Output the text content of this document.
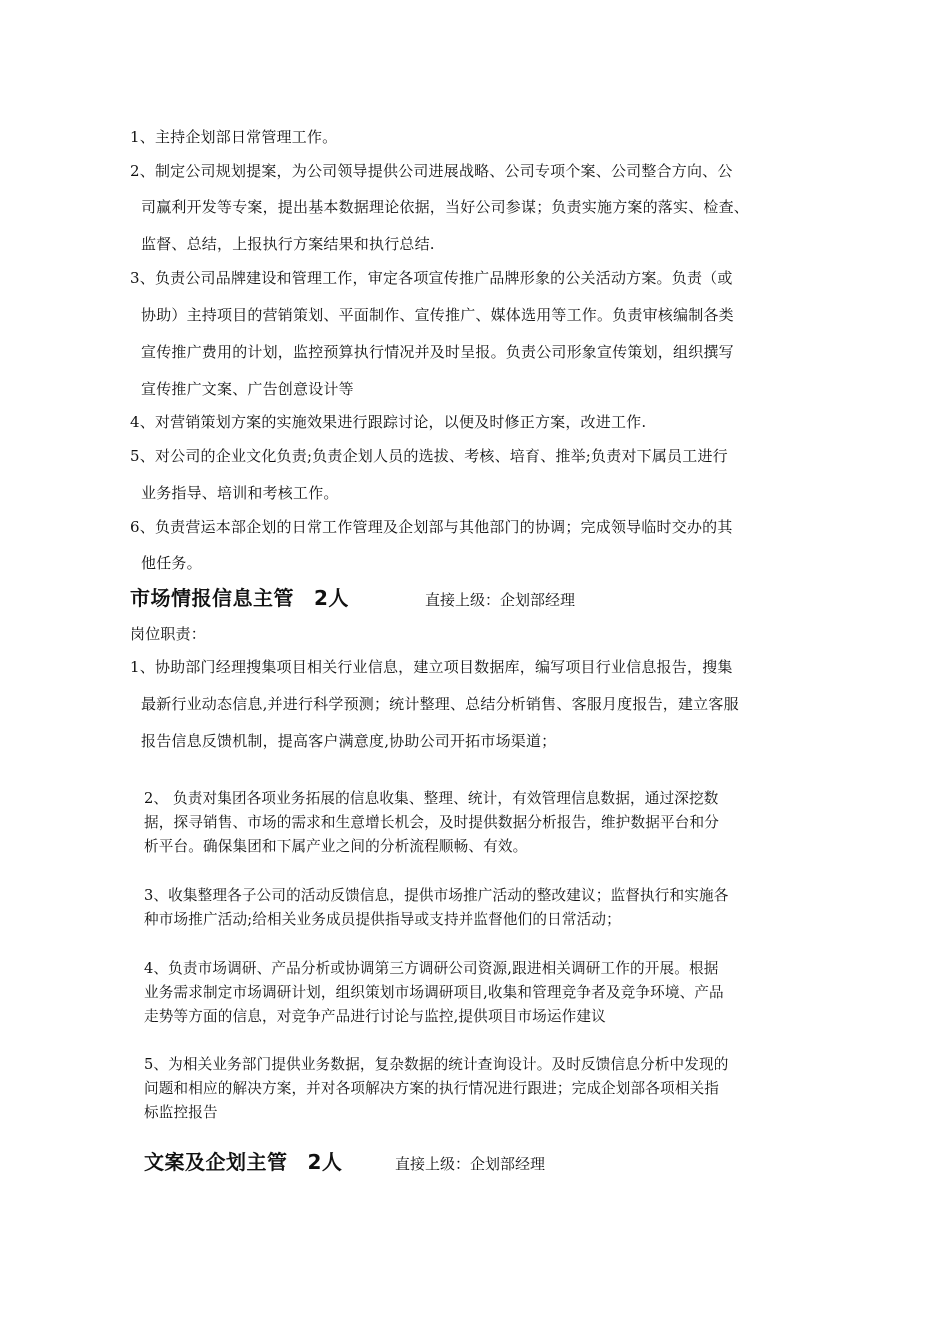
1、主持企划部日常管理工作。
2、制定公司规划提案，为公司领导提供公司进展战略、公司专项个案、公司整合方向、公
司赢利开发等专案，提出基本数据理论依据，当好公司参谋；负责实施方案的落实、检查、
监督、总结，上报执行方案结果和执行总结.
3、负责公司品牌建设和管理工作，审定各项宣传推广品牌形象的公关活动方案。负责（或
协助）主持项目的营销策划、平面制作、宣传推广、媒体选用等工作。负责审核编制各类
宣传推广费用的计划，监控预算执行情况并及时呈报。负责公司形象宣传策划，组织撰写
宣传推广文案、广告创意设计等
4、对营销策划方案的实施效果进行跟踪讨论，以便及时修正方案，改进工作.
5、对公司的企业文化负责;负责企划人员的选拔、考核、培育、推举;负责对下属员工进行
业务指导、培训和考核工作。
6、负责营运本部企划的日常工作管理及企划部与其他部门的协调；完成领导临时交办的其
他任务。
市场情报信息主管 2人	直接上级：企划部经理
岗位职责：
1、协助部门经理搜集项目相关行业信息，建立项目数据库，编写项目行业信息报告，搜集
最新行业动态信息,并进行科学预测；统计整理、总结分析销售、客服月度报告，建立客服
报告信息反馈机制，提高客户满意度,协助公司开拓市场渠道；
2、 负责对集团各项业务拓展的信息收集、整理、统计，有效管理信息数据，通过深挖数
据，探寻销售、市场的需求和生意增长机会，及时提供数据分析报告，维护数据平台和分
析平台。确保集团和下属产业之间的分析流程顺畅、有效。
3、收集整理各子公司的活动反馈信息，提供市场推广活动的整改建议；监督执行和实施各
种市场推广活动;给相关业务成员提供指导或支持并监督他们的日常活动；
4、负责市场调研、产品分析或协调第三方调研公司资源,跟进相关调研工作的开展。根据
业务需求制定市场调研计划，组织策划市场调研项目,收集和管理竞争者及竞争环境、产品
走势等方面的信息，对竞争产品进行讨论与监控,提供项目市场运作建议
5、为相关业务部门提供业务数据，复杂数据的统计查询设计。及时反馈信息分析中发现的
问题和相应的解决方案，并对各项解决方案的执行情况进行跟进；完成企划部各项相关指
标监控报告
文案及企划主管 2人	直接上级：企划部经理
